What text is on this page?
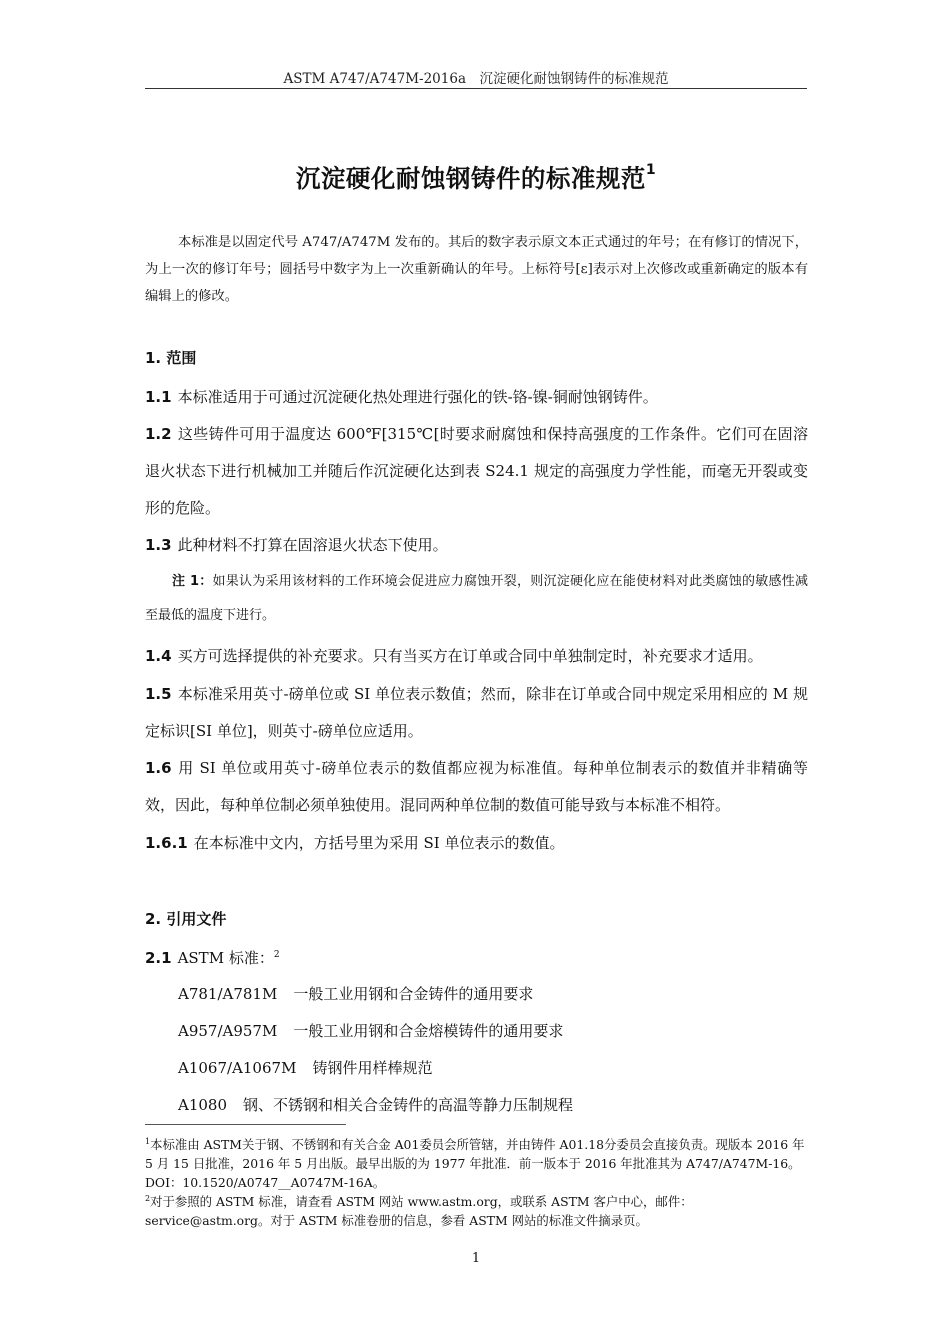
ASTM A747/A747M-2016a　沉淀硬化耐蚀钢铸件的标准规范
沉淀硬化耐蚀钢铸件的标准规范$^1$

本标准是以固定代号 A747/A747M 发布的。其后的数字表示原文本正式通过的年号；在有修订的情况下，为上一次的修订年号；圆括号中数字为上一次重新确认的年号。上标符号[ε]表示对上次修改或重新确定的版本有编辑上的修改。

1. 范围

1.1 本标准适用于可通过沉淀硬化热处理进行强化的铁-铬-镍-铜耐蚀钢铸件。

1.2 这些铸件可用于温度达 600℉[315℃[时要求耐腐蚀和保持高强度的工作条件。它们可在固溶退火状态下进行机械加工并随后作沉淀硬化达到表 S24.1 规定的高强度力学性能，而毫无开裂或变形的危险。

1.3 此种材料不打算在固溶退火状态下使用。

注 1：如果认为采用该材料的工作环境会促进应力腐蚀开裂，则沉淀硬化应在能使材料对此类腐蚀的敏感性减至最低的温度下进行。

1.4 买方可选择提供的补充要求。只有当买方在订单或合同中单独制定时，补充要求才适用。

1.5 本标准采用英寸-磅单位或 SI 单位表示数值；然而，除非在订单或合同中规定采用相应的 M 规定标识[SI 单位]，则英寸-磅单位应适用。

1.6 用 SI 单位或用英寸-磅单位表示的数值都应视为标准值。每种单位制表示的数值并非精确等效，因此，每种单位制必须单独使用。混同两种单位制的数值可能导致与本标准不相符。

1.6.1 在本标准中文内，方括号里为采用 SI 单位表示的数值。

2. 引用文件

2.1 ASTM 标准：$^2$

A781/A781M 一般工业用钢和合金铸件的通用要求
A957/A957M 一般工业用钢和合金熔模铸件的通用要求
A1067/A1067M 铸钢件用样棒规范
A1080 钢、不锈钢和相关合金铸件的高温等静力压制规程

$^1$本标准由 ASTM关于钢、不锈钢和有关合金 A01委员会所管辖，并由铸件 A01.18分委员会直接负责。现版本 2016 年 5 月 15 日批准，2016 年 5 月出版。最早出版的为 1977 年批准．前一版本于 2016 年批准其为 A747/A747M-16。DOI：10.1520/A0747__A0747M-16A。

$^2$对于参照的 ASTM 标准，请查看 ASTM 网站 www.astm.org，或联系 ASTM 客户中心，邮件：service@astm.org。对于 ASTM 标准卷册的信息，参看 ASTM 网站的标准文件摘录页。

1
